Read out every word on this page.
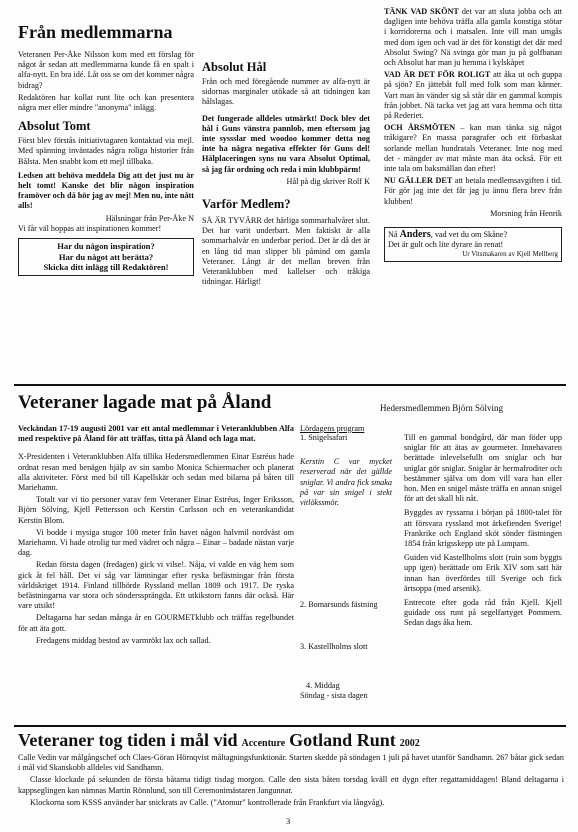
Från medlemmarna

Veteranen Per-Åke Nilsson kom med ett förslag för något år sedan att medlemmarna kunde få en spalt i alfa-nytt. En bra idé. Låt oss se om det kommer några bidrag?

Redaktören har kollat runt lite och kan presentera några mer eller mindre "anonyma" inlägg.

Absolut Tomt

Först blev förstås initiativtagaren kontaktad via mejl. Med spänning inväntades några roliga historier från Bålsta. Men snabbt kom ett mejl tillbaka.

Ledsen att behöva meddela Dig att det just nu är helt tomt! Kanske det blir någon inspiration framöver och då hör jag av mej! Men nu, inte nått alls!

Hälsningar från Per-Åke N

Vi får väl hoppas att inspirationen kommer!

Har du någon inspiration?
Har du något att berätta?
Skicka ditt inlägg till Redaktören!
Absolut Hål

Från och med föregående nummer av alfa-nytt är sidornas marginaler utökade så att tidningen kan hålslagas.

Det fungerade alldeles utmärkt! Dock blev det hål i Guns vänstra pannlob, men eftersom jag inte syssslar med woodoo kommer detta nog inte ha några negativa effekter för Guns del! Hålplaceringen syns nu vara Absolut Optimal, så jag får ordning och reda i min klubbpärm!

Hål på dig skriver Rolf K
Varför Medlem?

SÅ ÄR TYVÄRR det härliga sommarhalvåret slut. Det har varit underbart. Men faktiskt är alla sommarhalvår en underbar period. Det är då det är en lång tid man slipper bli påmind om gamla Veteraner. Långt är det mellan breven från Veteranklubben med kallelser och tråkiga tidningar. Härligt!

TÄNK VAD SKÖNT det var att sluta jobba och att dagligen inte behöva träffa alla gamla konstiga stötar i korridorerna och i matsalen. Inte vill man umgås med dom igen och vad är det för konstigt det där med Absolut Swing? Nä svinga gör man ju på golfbanan och Absolut har man ju hemma i kylskåpet

VAD ÄR DET FÖR ROLIGT att åka ut och guppa på sjön? En jättebåt full med folk som man känner. Vart man än vänder sig så står där en gammal kompis från jobbet. Nä tacka vet jag att vara hemma och titta på Rederiet.

OCH ÅRSMÖTEN – kan man tänka sig något tråkigare? En massa paragrafer och ett förbaskat sorlande mellan hundratals Veteraner. Inte nog med det - mängder av mat måste man äta också. För ett inte tala om baksmällan dan efter!

NU GÄLLER DET att betala medlemsavgiften i tid. För gör jag inte det får jag ju ännu flera brev från klubben!

Morsning från Henrik
Nå Anders, vad vet du om Skåne?
Det är gult och lite dyrare än renat!
Ur Vitsmakaren av Kjell Mellberg
Veteraner lagade mat på Åland	Hedersmedlemmen Björn Sölving

Veckändan 17-19 augusti 2001 var ett antal medlemmar i Veteranklubben Alfa med respektive på Åland för att träffas, titta på Åland och laga mat.

X-Presidenten i Veteranklubben Alfa tillika Hedersmedlemmen Einar Estréus hade ordnat resan med benägen hjälp av sin sambo Monica Schiermacher och planerat alla aktiviteter. Först med bil till Kapellskär och sedan med bilarna på båten till Mariehamn.

Totalt var vi tio personer varav fem Veteraner Einar Estréus, Inger Eriksson, Björn Sölving, Kjell Pettersson och Kerstin Carlsson och en veterankandidat Kerstin Blom.

Vi bodde i mysiga stugor 100 meter från havet någon halvmil nordväst om Mariehamn. Vi hade otrolig tur med vädret och några – Einar – badade nästan varje dag.

Redan första dagen (fredagen) gick vi vilse!. Nåja, vi valde en väg hem som gick åt fel håll. Det vi såg var lämningar efter ryska befästningar från första världskriget 1914. Finland tillhörde Ryssland mellan 1809 och 1917. De ryska befästningarna var stora och sönderssprängda. Ett utkikstorn fanns där också. Här vare utsikt!

Deltagarna har sedan många år en GOURMETklubb och träffas regelbundet för att äta gott.

Fredagens middag bestod av varmrökt lax och sallad.

Lördagens program
1. Snigelsafari
Kerstin C var mycket reserverad när det gällde sniglar. Vi andra fick smaka på var sin snigel i stekt vitlökssmör.
2. Bomarsunds fästning
3. Kastellholms slott
4. Middag
Söndag - sista dagen

Till en gammal bondgård, där man föder upp sniglar för att ätas av gourmeter. Innehavaren berättade inlevelsefullt om sniglar och hur sniglar gör sniglar. Sniglar är hermafroditer och bestämmer själva om dom vill vara han eller hon. Men en snigel måste träffa en annan snigel för att det skall bli nåt.

Byggdes av ryssarna i början på 1800-talet för att försvara ryssland mot ärkefienden Sverige! Frankrike och England sköt sönder fästningen 1854 från krigsskepp ute på Lumparn.

Guiden vid Kastellholms slott (ruin som byggts upp igen) berättade om Erik XIV som satt här innan han överfördes till Sverige och fick ärtsoppa (med arsenik).

Entrecote efter goda råd från Kjell. Kjell guidade oss runt på segelfartyget Pommern. Sedan dags åka hem.

Veteraner tog tiden i mål vid Accenture Gotland Runt 2002

Calle Vedin var målgångschef och Claes-Göran Hörnqvist måltagningsfunktionär. Starten skedde på söndagen 1 juli på havet utanför Sandhamn. 267 båtar gick sedan i mål vid Skanskobb alldeles vid Sandhamn.

Classe klockade på sekunden de första båtarna tidigt tisdag morgon. Calle den sista båten torsdag kväll ett dygn efter regattamiddagen! Bland deltagarna i kappseglingen kan nämnas Martin Rönnlund, son till Ceremonimästaren Jangunnar.

Klockorna som KSSS använder har snickrats av Calle. ("Atomur" kontrollerade från Frankfurt via långvåg).

3
